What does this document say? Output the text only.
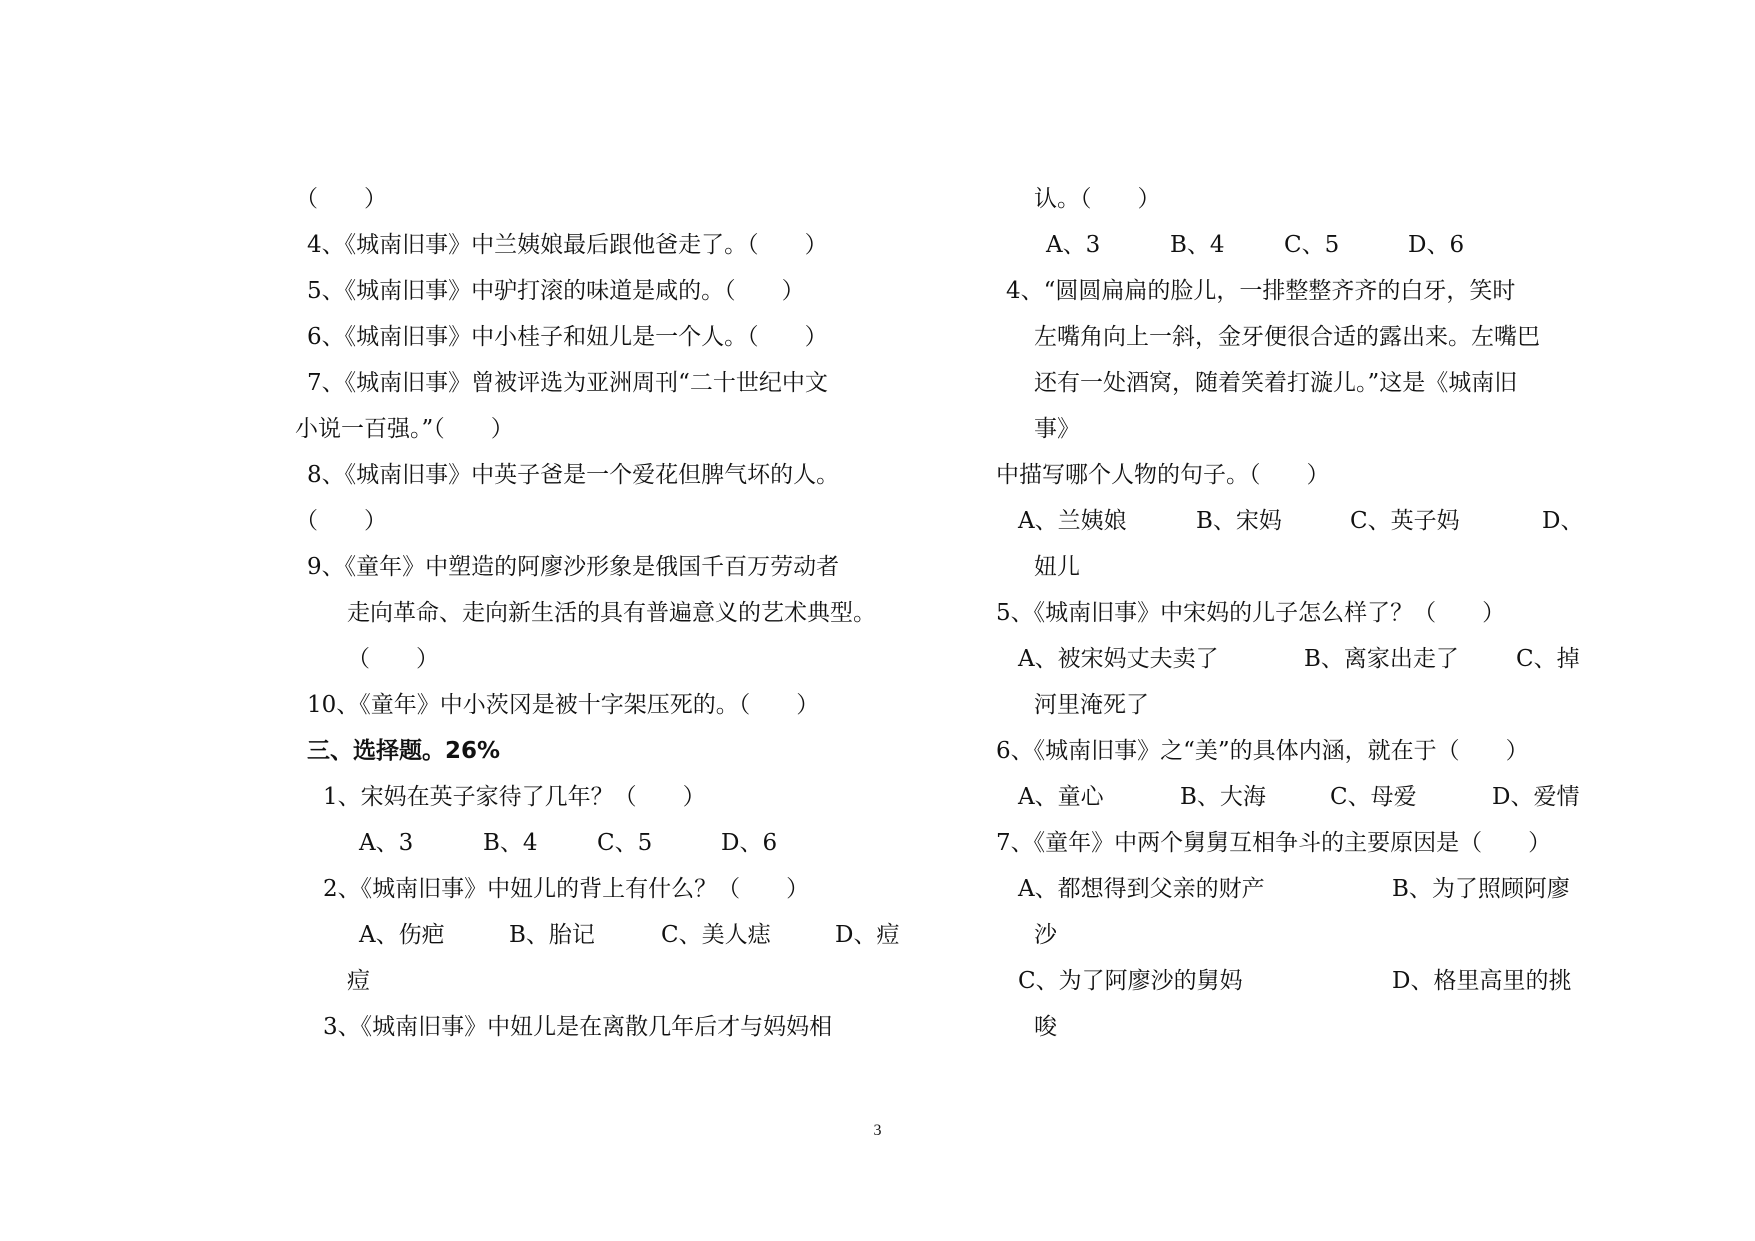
（　　）
4、《城南旧事》中兰姨娘最后跟他爸走了。（　　）
5、《城南旧事》中驴打滚的味道是咸的。（　　）
6、《城南旧事》中小桂子和妞儿是一个人。（　　）
7、《城南旧事》曾被评选为亚洲周刊“二十世纪中文
小说一百强。”（　　）
8、《城南旧事》中英子爸是一个爱花但脾气坏的人。
（　　）
9、《童年》中塑造的阿廖沙形象是俄国千百万劳动者
走向革命、走向新生活的具有普遍意义的艺术典型。
（　　）
10、《童年》中小茨冈是被十字架压死的。（　　）
三、选择题。26%
1、宋妈在英子家待了几年？（　　）
A、3	B、4	C、5	D、6
2、《城南旧事》中妞儿的背上有什么？（　　）
A、伤疤	B、胎记	C、美人痣	D、痘
痘
3、《城南旧事》中妞儿是在离散几年后才与妈妈相
认。（　　）
A、3	B、4	C、5	D、6
4、“圆圆扁扁的脸儿，一排整整齐齐的白牙，笑时
左嘴角向上一斜，金牙便很合适的露出来。左嘴巴
还有一处酒窝，随着笑着打漩儿。”这是《城南旧
事》
中描写哪个人物的句子。（　　）
A、兰姨娘	B、宋妈	C、英子妈	D、
妞儿
5、《城南旧事》中宋妈的儿子怎么样了？（　　）
A、被宋妈丈夫卖了	B、离家出走了 C、掉
河里淹死了
6、《城南旧事》之“美”的具体内涵，就在于（　　）
A、童心	B、大海	C、母爱	D、爱情
7、《童年》中两个舅舅互相争斗的主要原因是（　　）
A、都想得到父亲的财产	B、为了照顾阿廖
沙
C、为了阿廖沙的舅妈	D、格里高里的挑
唆
3
